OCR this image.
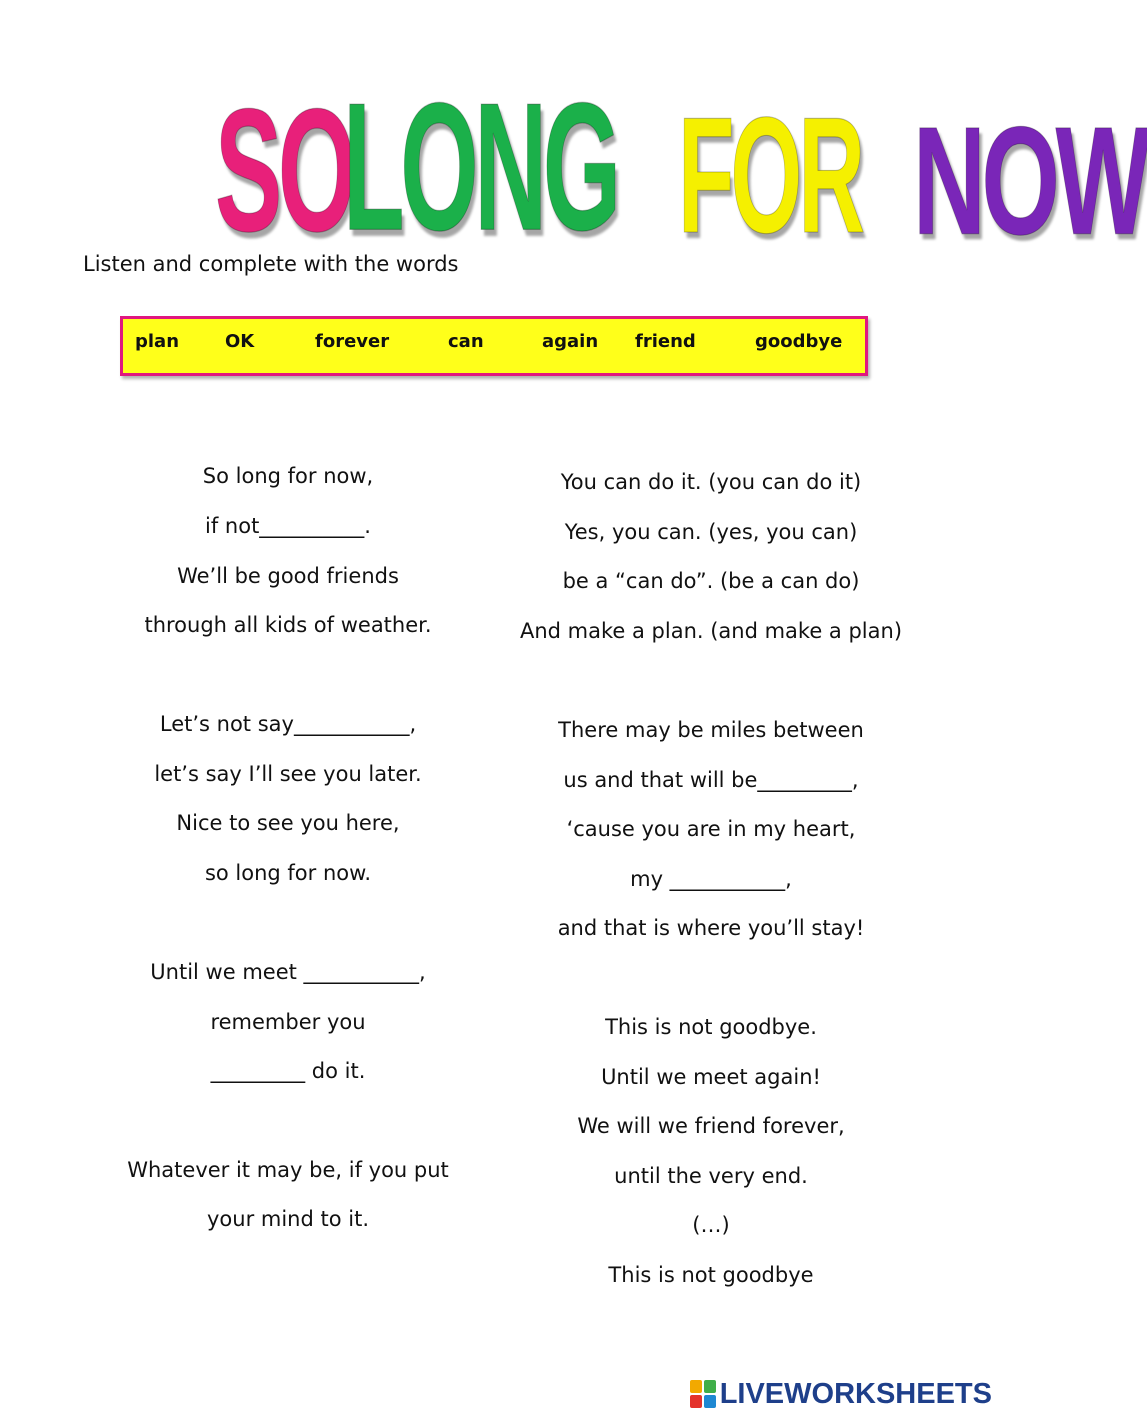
SO
LONG FOR NOW
Listen and complete with the words
plan	OK	forever	can	again friend	goodbye
So long for now,
if not__________.
We’ll be good friends
through all kids of weather.
Let’s not say___________,
let’s say I’ll see you later.
Nice to see you here,
so long for now.
Until we meet ___________,
remember you
_________ do it.
Whatever it may be, if you put
your mind to it.
You can do it. (you can do it)
Yes, you can. (yes, you can)
be a “can do”. (be a can do)
And make a plan. (and make a plan)
There may be miles between
us and that will be_________,
‘cause you are in my heart,
my ___________,
and that is where you’ll stay!
This is not goodbye.
Until we meet again!
We will we friend forever,
until the very end.
(…)
This is not goodbye
LIVEWORKSHEETS
